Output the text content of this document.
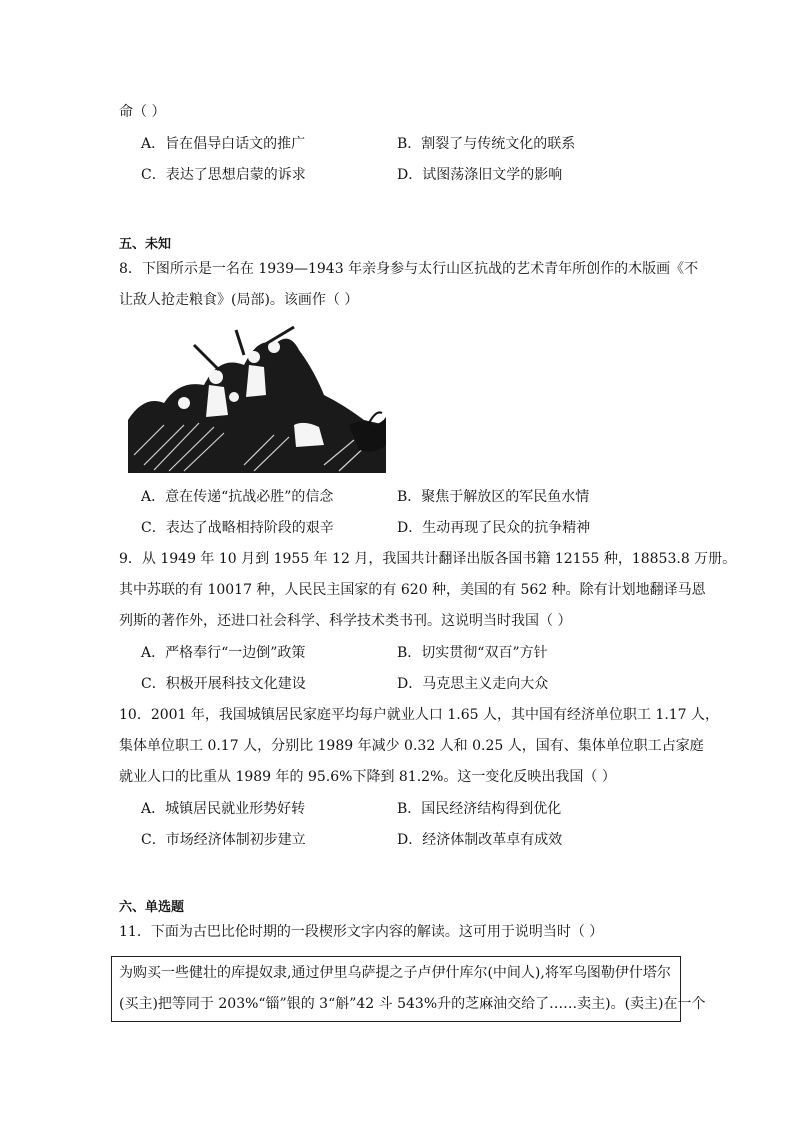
命（ ）
A．旨在倡导白话文的推广	B．割裂了与传统文化的联系
C．表达了思想启蒙的诉求	D．试图荡涤旧文学的影响
五、未知
8．下图所示是一名在 1939—1943 年亲身参与太行山区抗战的艺术青年所创作的木版画《不
让敌人抢走粮食》(局部)。该画作（ ）
A．意在传递“抗战必胜”的信念	B．聚焦于解放区的军民鱼水情
C．表达了战略相持阶段的艰辛	D．生动再现了民众的抗争精神
9．从 1949 年 10 月到 1955 年 12 月，我国共计翻译出版各国书籍 12155 种，18853.8 万册。
其中苏联的有 10017 种，人民民主国家的有 620 种，美国的有 562 种。除有计划地翻译马恩
列斯的著作外，还进口社会科学、科学技术类书刊。这说明当时我国（ ）
A．严格奉行“一边倒”政策	B．切实贯彻“双百”方针
C．积极开展科技文化建设	D．马克思主义走向大众
10．2001 年，我国城镇居民家庭平均每户就业人口 1.65 人，其中国有经济单位职工 1.17 人，
集体单位职工 0.17 人，分别比 1989 年减少 0.32 人和 0.25 人，国有、集体单位职工占家庭
就业人口的比重从 1989 年的 95.6%下降到 81.2%。这一变化反映出我国（ ）
A．城镇居民就业形势好转	B．国民经济结构得到优化
C．市场经济体制初步建立	D．经济体制改革卓有成效
六、单选题
11．下面为古巴比伦时期的一段楔形文字内容的解读。这可用于说明当时（ ）
为购买一些健壮的库提奴隶,通过伊里乌萨提之子卢伊什库尔(中间人),将军乌图勒伊什塔尔
(买主)把等同于 203%“锱”银的 3“斛”42 斗 543%升的芝麻油交给了……卖主)。(卖主)在一个
